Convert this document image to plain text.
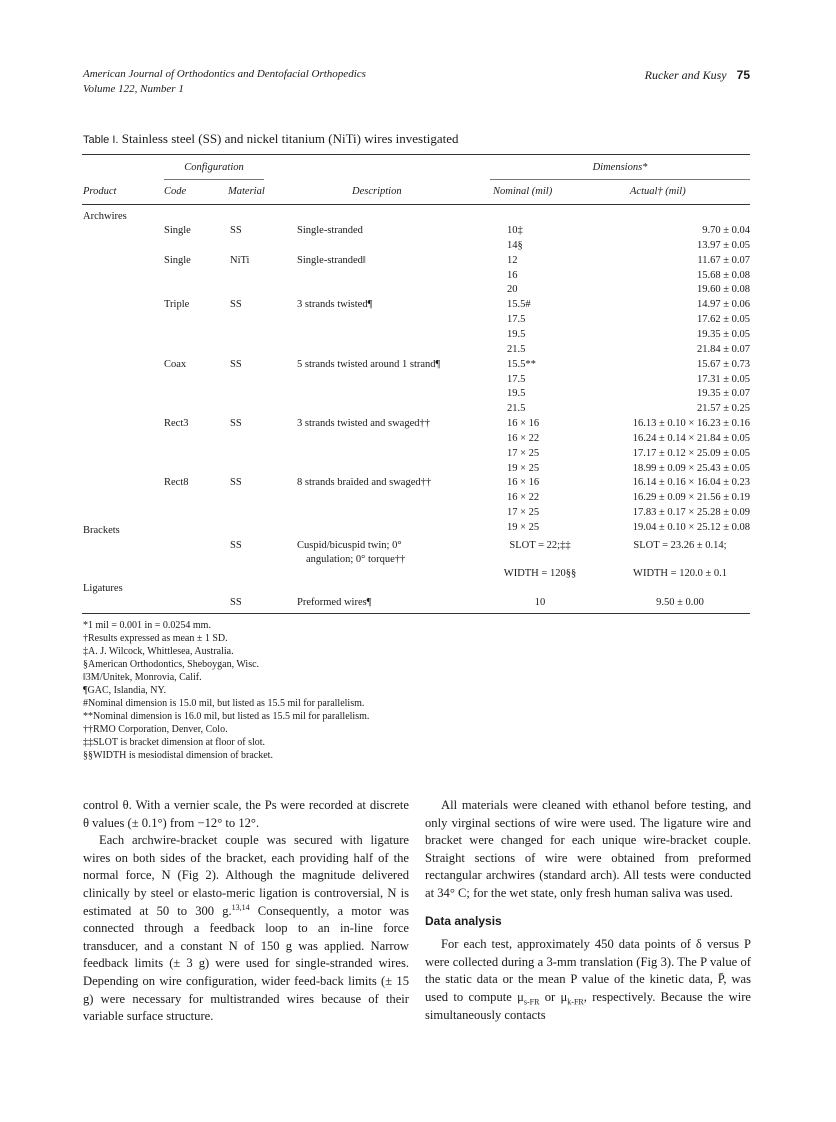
American Journal of Orthodontics and Dentofacial Orthopedics
Volume 122, Number 1
Rucker and Kusy 75
Table I. Stainless steel (SS) and nickel titanium (NiTi) wires investigated
Configuration	Dimensions*
Product	Code	Material	Description	Nominal (mil)	Actual† (mil)
Archwires
Single	SS	Single-stranded	10‡	9.70 ± 0.04
14§	13.97 ± 0.05
Single	NiTi	Single-stranded‖	12	11.67 ± 0.07
16	15.68 ± 0.08
20	19.60 ± 0.08
Triple	SS	3 strands twisted¶	15.5#	14.97 ± 0.06
17.5	17.62 ± 0.05
19.5	19.35 ± 0.05
21.5	21.84 ± 0.07
Coax	SS	5 strands twisted around 1 strand¶	15.5**	15.67 ± 0.73
17.5	17.31 ± 0.05
19.5	19.35 ± 0.07
21.5	21.57 ± 0.25
Rect3	SS	3 strands twisted and swaged††	16 × 16	16.13 ± 0.10 × 16.23 ± 0.16
16 × 22	16.24 ± 0.14 × 21.84 ± 0.05
17 × 25	17.17 ± 0.12 × 25.09 ± 0.05
19 × 25	18.99 ± 0.09 × 25.43 ± 0.05
Rect8	SS	8 strands braided and swaged††	16 × 16	16.14 ± 0.16 × 16.04 ± 0.23
16 × 22	16.29 ± 0.09 × 21.56 ± 0.19
17 × 25	17.83 ± 0.17 × 25.28 ± 0.09
19 × 25	19.04 ± 0.10 × 25.12 ± 0.08
Brackets
SS	Cuspid/bicuspid twin; 0°
angulation; 0° torque††
SLOT = 22;‡‡	SLOT = 23.26 ± 0.14;
WIDTH = 120§§	WIDTH = 120.0 ± 0.1
Ligatures
SS	Preformed wires¶	10	9.50 ± 0.00
*1 mil = 0.001 in = 0.0254 mm.
†Results expressed as mean ± 1 SD.
‡A. J. Wilcock, Whittlesea, Australia.
§American Orthodontics, Sheboygan, Wisc.
‖3M/Unitek, Monrovia, Calif.
¶GAC, Islandia, NY.
#Nominal dimension is 15.0 mil, but listed as 15.5 mil for parallelism.
**Nominal dimension is 16.0 mil, but listed as 15.5 mil for parallelism.
††RMO Corporation, Denver, Colo.
‡‡SLOT is bracket dimension at floor of slot.
§§WIDTH is mesiodistal dimension of bracket.

control θ. With a vernier scale, the Ps were recorded at discrete θ values (± 0.1°) from −12° to 12°.

Each archwire-bracket couple was secured with ligature wires on both sides of the bracket, each providing half of the normal force, N (Fig 2). Although the magnitude delivered clinically by steel or elasto-meric ligation is controversial, N is estimated at 50 to 300 g.$^{13,14}$ Consequently, a motor was connected through a feedback loop to an in-line force transducer, and a constant N of 150 g was applied. Narrow feedback limits (± 3 g) were used for single-stranded wires. Depending on wire configuration, wider feed-back limits (± 15 g) were necessary for multistranded wires because of their variable surface structure.

All materials were cleaned with ethanol before testing, and only virginal sections of wire were used. The ligature wire and bracket were changed for each unique wire-bracket couple. Straight sections of wire were obtained from preformed rectangular archwires (standard arch). All tests were conducted at 34° C; for the wet state, only fresh human saliva was used.

Data analysis

For each test, approximately 450 data points of δ versus P were collected during a 3-mm translation (Fig 3). The P value of the static data or the mean P value of the kinetic data, P̄, was used to compute $\mu_{s-FR}$ or $\mu_{k-FR}$, respectively. Because the wire simultaneously contacts
